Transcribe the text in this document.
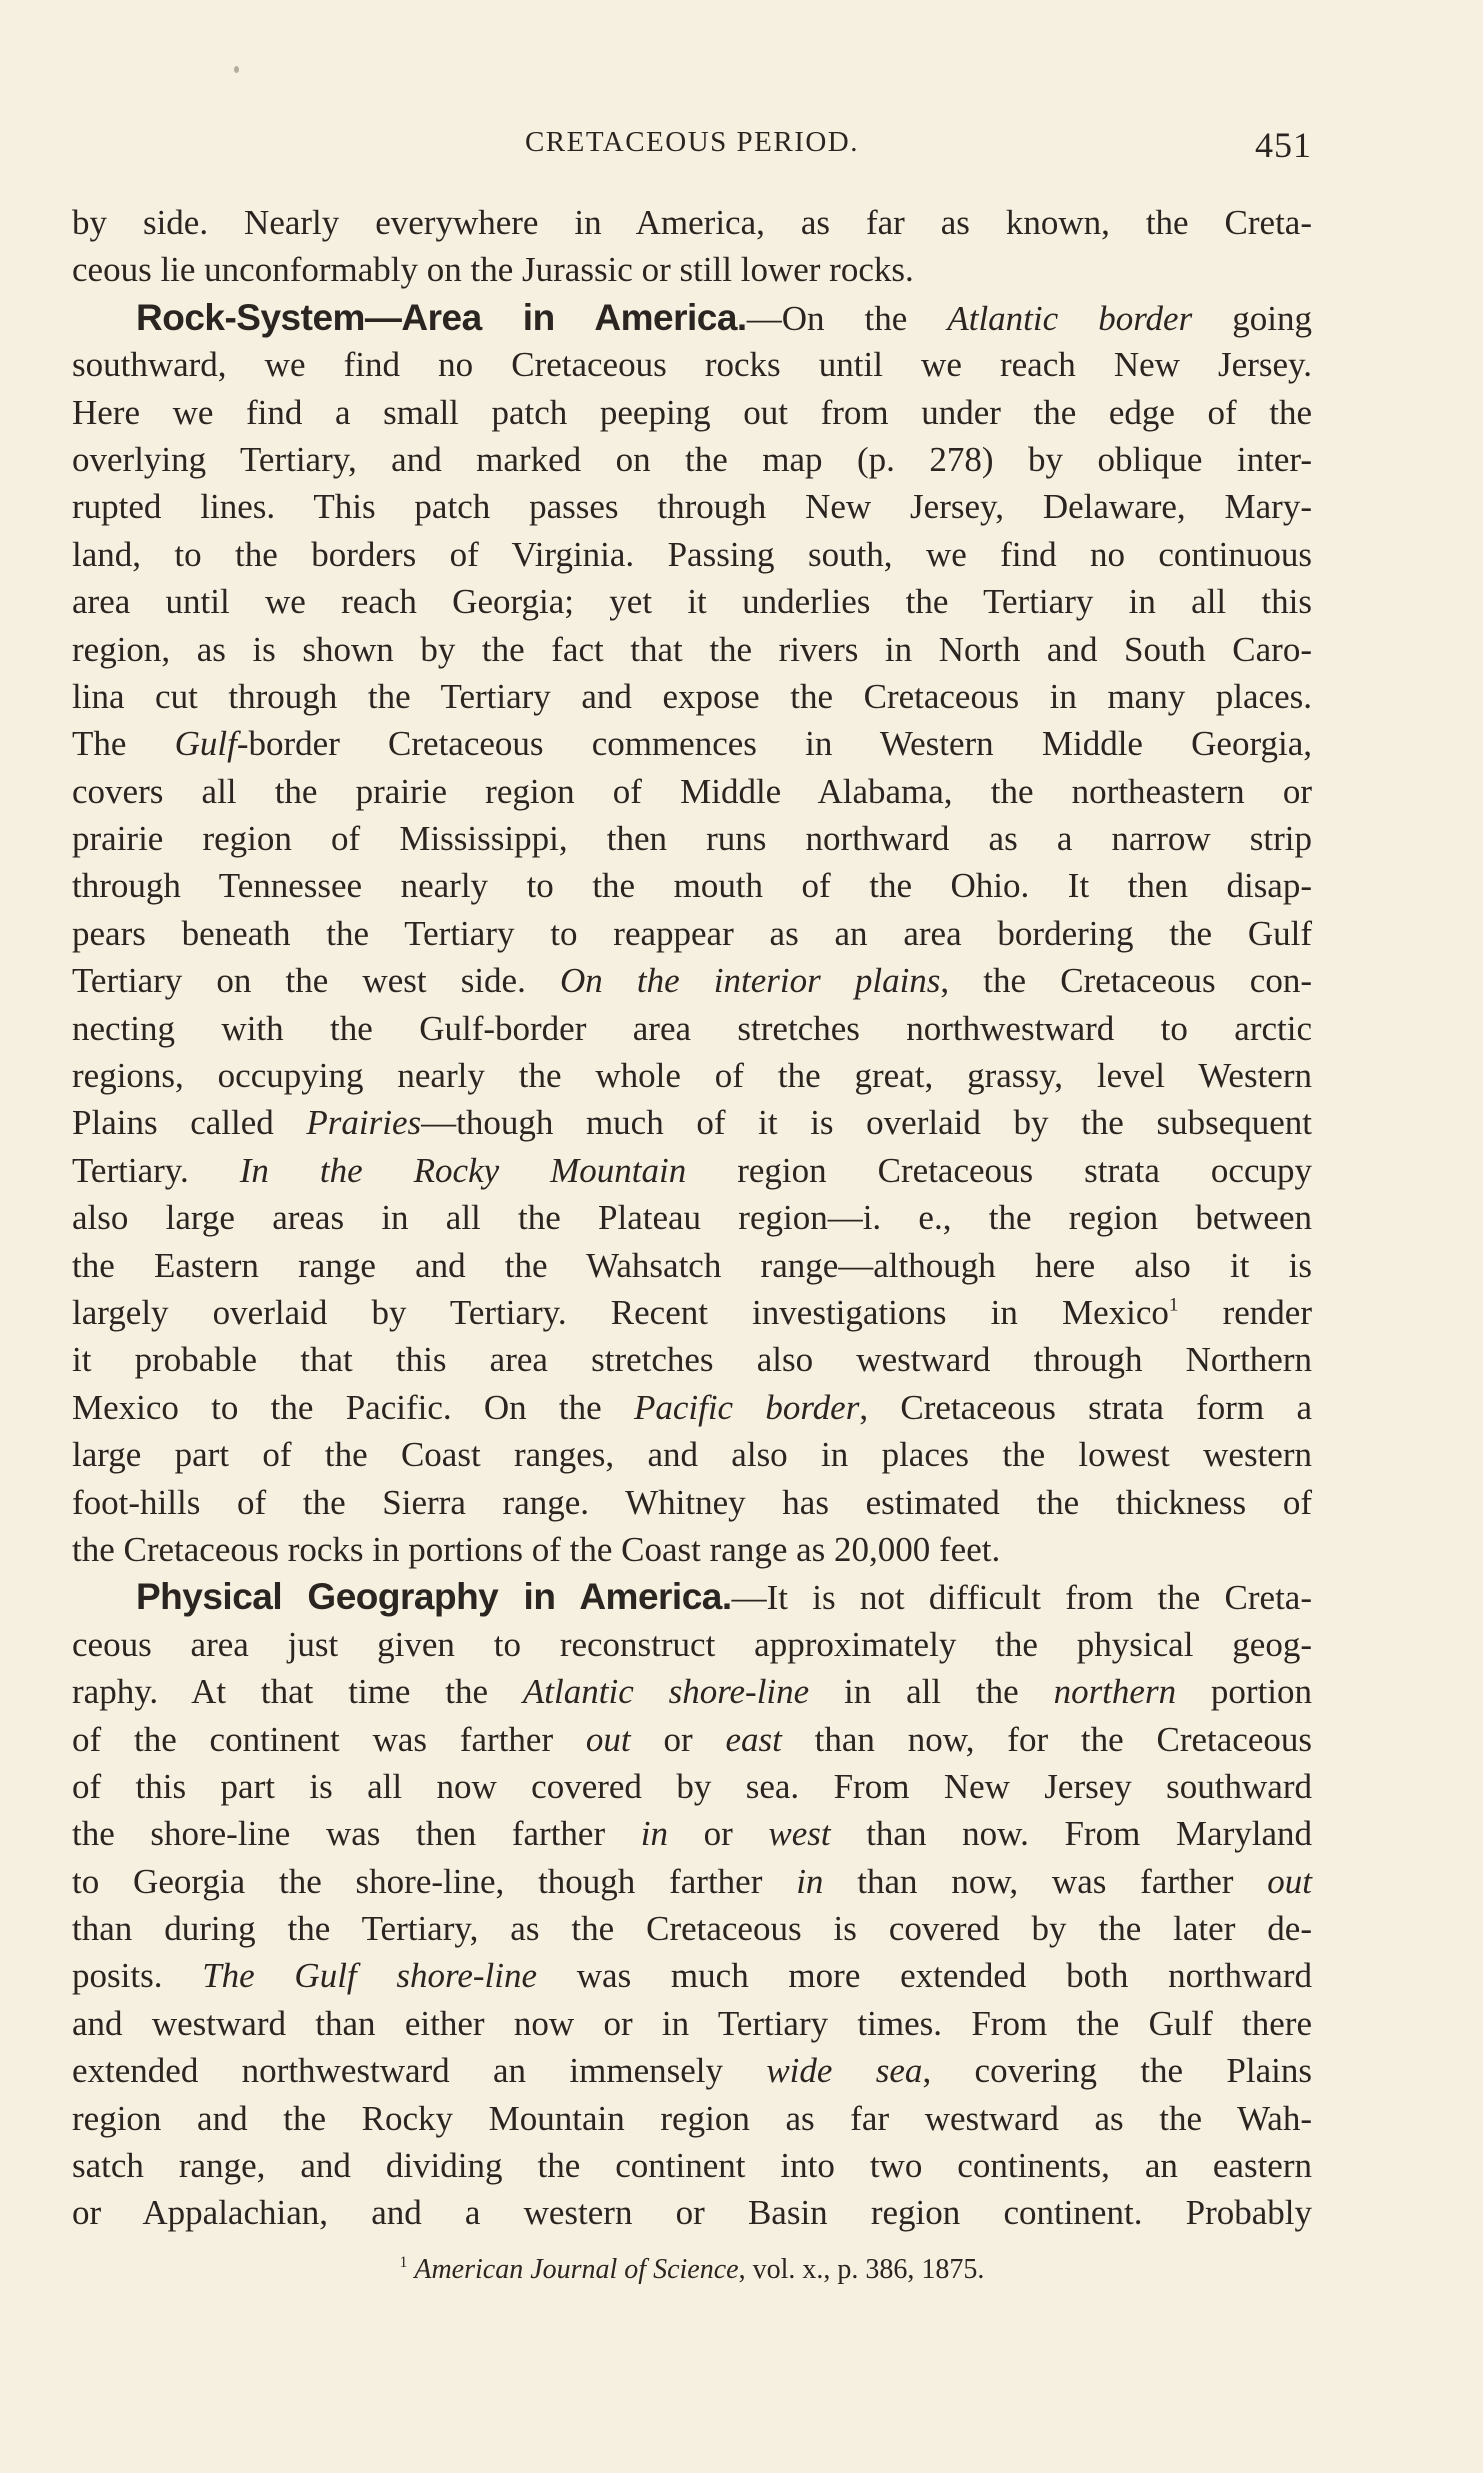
CRETACEOUS PERIOD.	451
by side. Nearly everywhere in America, as far as known, the Creta-
ceous lie unconformably on the Jurassic or still lower rocks.
Rock-System—Area in America.—On the Atlantic border going
southward, we find no Cretaceous rocks until we reach New Jersey.
Here we find a small patch peeping out from under the edge of the
overlying Tertiary, and marked on the map (p. 278) by oblique inter-
rupted lines. This patch passes through New Jersey, Delaware, Mary-
land, to the borders of Virginia. Passing south, we find no continuous
area until we reach Georgia; yet it underlies the Tertiary in all this
region, as is shown by the fact that the rivers in North and South Caro-
lina cut through the Tertiary and expose the Cretaceous in many places.
The Gulf-border Cretaceous commences in Western Middle Georgia,
covers all the prairie region of Middle Alabama, the northeastern or
prairie region of Mississippi, then runs northward as a narrow strip
through Tennessee nearly to the mouth of the Ohio. It then disap-
pears beneath the Tertiary to reappear as an area bordering the Gulf
Tertiary on the west side. On the interior plains, the Cretaceous con-
necting with the Gulf-border area stretches northwestward to arctic
regions, occupying nearly the whole of the great, grassy, level Western
Plains called Prairies—though much of it is overlaid by the subsequent
Tertiary. In the Rocky Mountain region Cretaceous strata occupy
also large areas in all the Plateau region—i. e., the region between
the Eastern range and the Wahsatch range—although here also it is
largely overlaid by Tertiary. Recent investigations in Mexico$^1$ render
it probable that this area stretches also westward through Northern
Mexico to the Pacific. On the Pacific border, Cretaceous strata form a
large part of the Coast ranges, and also in places the lowest western
foot-hills of the Sierra range. Whitney has estimated the thickness of
the Cretaceous rocks in portions of the Coast range as 20,000 feet.
Physical Geography in America.—It is not difficult from the Creta-
ceous area just given to reconstruct approximately the physical geog-
raphy. At that time the Atlantic shore-line in all the northern portion
of the continent was farther out or east than now, for the Cretaceous
of this part is all now covered by sea. From New Jersey southward
the shore-line was then farther in or west than now. From Maryland
to Georgia the shore-line, though farther in than now, was farther out
than during the Tertiary, as the Cretaceous is covered by the later de-
posits. The Gulf shore-line was much more extended both northward
and westward than either now or in Tertiary times. From the Gulf there
extended northwestward an immensely wide sea, covering the Plains
region and the Rocky Mountain region as far westward as the Wah-
satch range, and dividing the continent into two continents, an eastern
or Appalachian, and a western or Basin region continent. Probably
$^1$ American Journal of Science, vol. x., p. 386, 1875.
